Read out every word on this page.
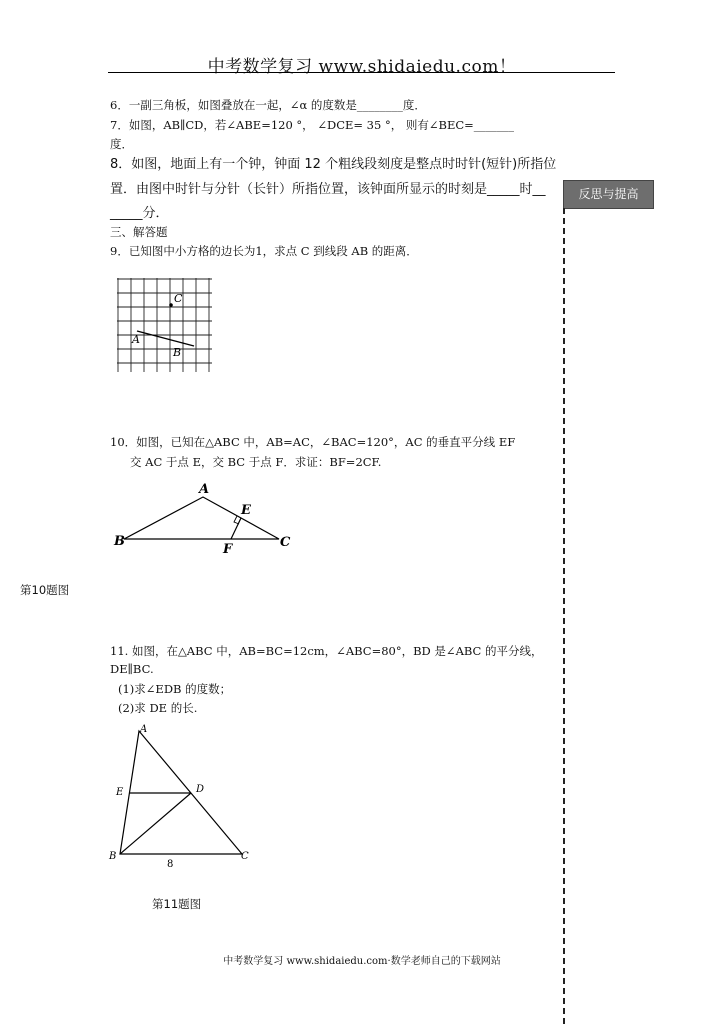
中考数学复习 www.shidaiedu.com！
反思与提高
6．一副三角板，如图叠放在一起，∠α 的度数是________度．
7．如图，AB∥CD，若∠ABE=120 °， ∠DCE= 35 °， 则有∠BEC=_______
度．
8．如图，地面上有一个钟，钟面 12 个粗线段刻度是整点时时针(短针)所指位
置．由图中时针与分针（长针）所指位置，该钟面所显示的时刻是_____时__
_____分．
三、解答题
9．已知图中小方格的边长为1，求点 C 到线段 AB 的距离．
C
A
B
10．如图，已知在△ABC 中，AB=AC，∠BAC=120°，AC 的垂直平分线 EF
交 AC 于点 E，交 BC 于点 F．求证：BF=2CF.
A
B	C
E
F
第10题图
11. 如图，在△ABC 中，AB=BC=12cm，∠ABC=80°，BD 是∠ABC 的平分线，
DE∥BC.
(1)求∠EDB 的度数；
(2)求 DE 的长.
A
E	D
B	C
8
第11题图
中考数学复习 www.shidaiedu.com·数学老师自己的下载网站
